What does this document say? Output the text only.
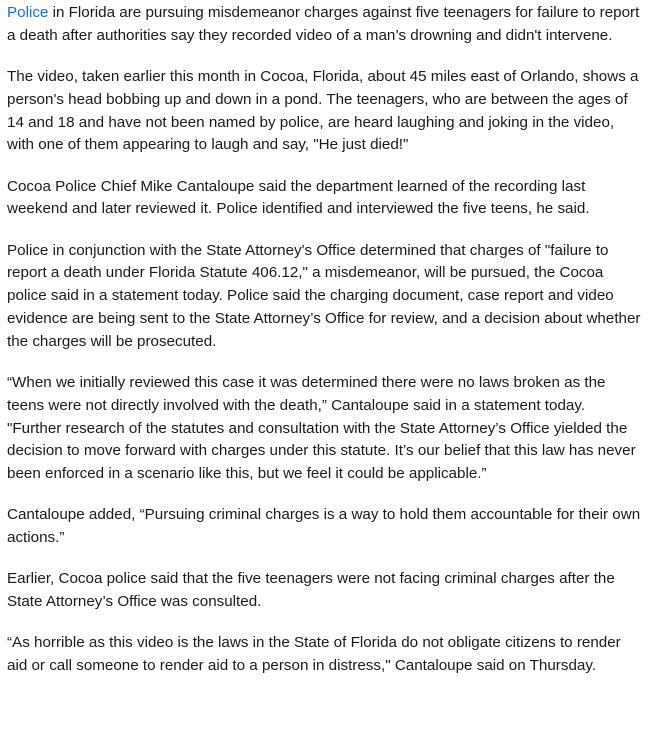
Police in Florida are pursuing misdemeanor charges against five teenagers for failure to report a death after authorities say they recorded video of a man’s drowning and didn't intervene.

The video, taken earlier this month in Cocoa, Florida, about 45 miles east of Orlando, shows a person's head bobbing up and down in a pond. The teenagers, who are between the ages of 14 and 18 and have not been named by police, are heard laughing and joking in the video, with one of them appearing to laugh and say, "He just died!"

Cocoa Police Chief Mike Cantaloupe said the department learned of the recording last weekend and later reviewed it. Police identified and interviewed the five teens, he said.

Police in conjunction with the State Attorney's Office determined that charges of "failure to report a death under Florida Statute 406.12," a misdemeanor, will be pursued, the Cocoa police said in a statement today. Police said the charging document, case report and video evidence are being sent to the State Attorney’s Office for review, and a decision about whether the charges will be prosecuted.

“When we initially reviewed this case it was determined there were no laws broken as the teens were not directly involved with the death,” Cantaloupe said in a statement today. "Further research of the statutes and consultation with the State Attorney’s Office yielded the decision to move forward with charges under this statute. It’s our belief that this law has never been enforced in a scenario like this, but we feel it could be applicable.”

Cantaloupe added, “Pursuing criminal charges is a way to hold them accountable for their own actions.”

Earlier, Cocoa police said that the five teenagers were not facing criminal charges after the State Attorney’s Office was consulted.

“As horrible as this video is the laws in the State of Florida do not obligate citizens to render aid or call someone to render aid to a person in distress," Cantaloupe said on Thursday.
